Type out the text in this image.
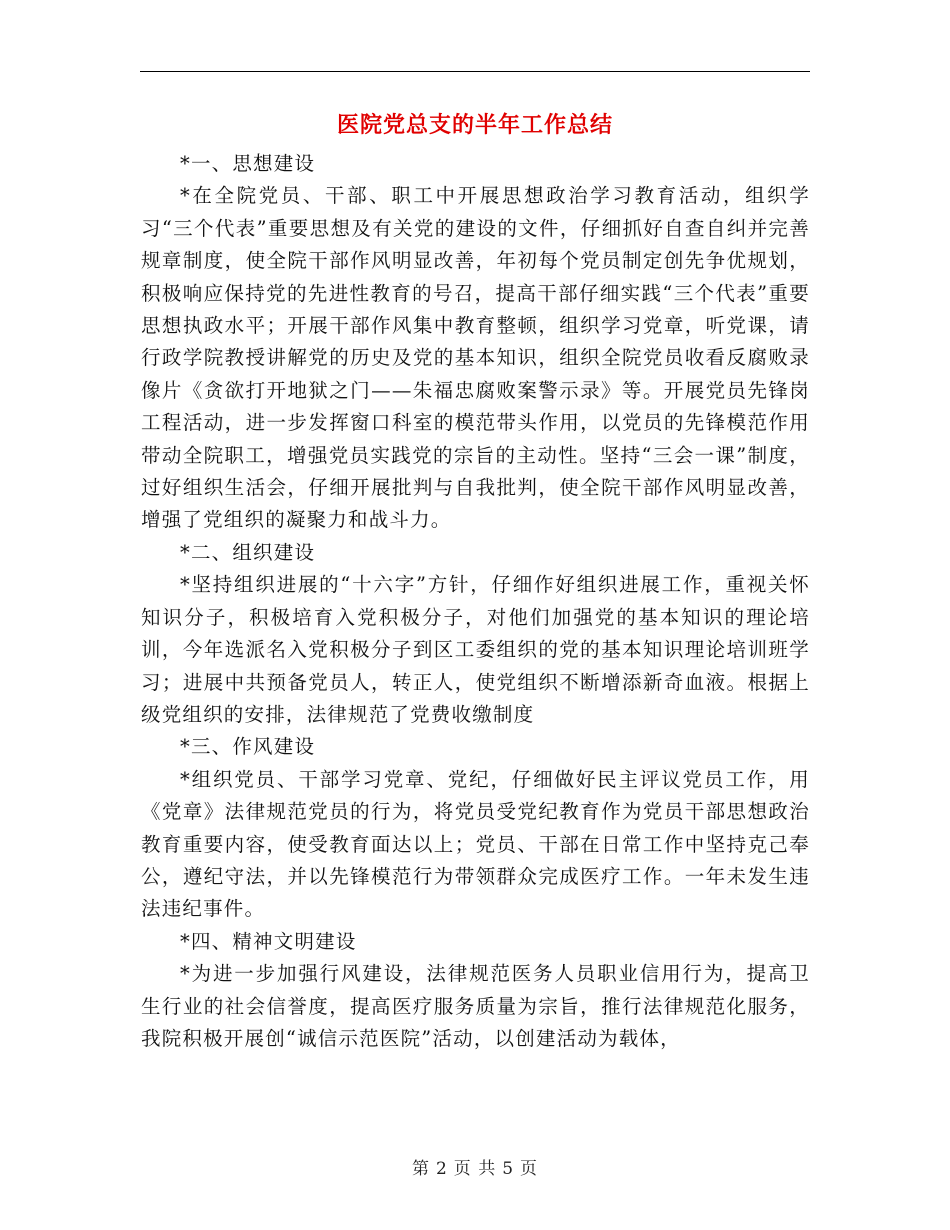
医院党总支的半年工作总结

*一、思想建设

*在全院党员、干部、职工中开展思想政治学习教育活动，组织学习“三个代表”重要思想及有关党的建设的文件，仔细抓好自查自纠并完善规章制度，使全院干部作风明显改善，年初每个党员制定创先争优规划，积极响应保持党的先进性教育的号召，提高干部仔细实践“三个代表”重要思想执政水平；开展干部作风集中教育整顿，组织学习党章，听党课，请行政学院教授讲解党的历史及党的基本知识，组织全院党员收看反腐败录像片《贪欲打开地狱之门——朱福忠腐败案警示录》等。开展党员先锋岗工程活动，进一步发挥窗口科室的模范带头作用，以党员的先锋模范作用带动全院职工，增强党员实践党的宗旨的主动性。坚持“三会一课”制度，过好组织生活会，仔细开展批判与自我批判，使全院干部作风明显改善，增强了党组织的凝聚力和战斗力。

*二、组织建设

*坚持组织进展的“十六字”方针，仔细作好组织进展工作，重视关怀知识分子，积极培育入党积极分子，对他们加强党的基本知识的理论培训，今年选派名入党积极分子到区工委组织的党的基本知识理论培训班学习；进展中共预备党员人，转正人，使党组织不断增添新奇血液。根据上级党组织的安排，法律规范了党费收缴制度

*三、作风建设

*组织党员、干部学习党章、党纪，仔细做好民主评议党员工作，用《党章》法律规范党员的行为，将党员受党纪教育作为党员干部思想政治教育重要内容，使受教育面达以上；党员、干部在日常工作中坚持克己奉公，遵纪守法，并以先锋模范行为带领群众完成医疗工作。一年未发生违法违纪事件。

*四、精神文明建设

*为进一步加强行风建设，法律规范医务人员职业信用行为，提高卫生行业的社会信誉度，提高医疗服务质量为宗旨，推行法律规范化服务，我院积极开展创“诚信示范医院”活动，以创建活动为载体，

第 2 页 共 5 页
